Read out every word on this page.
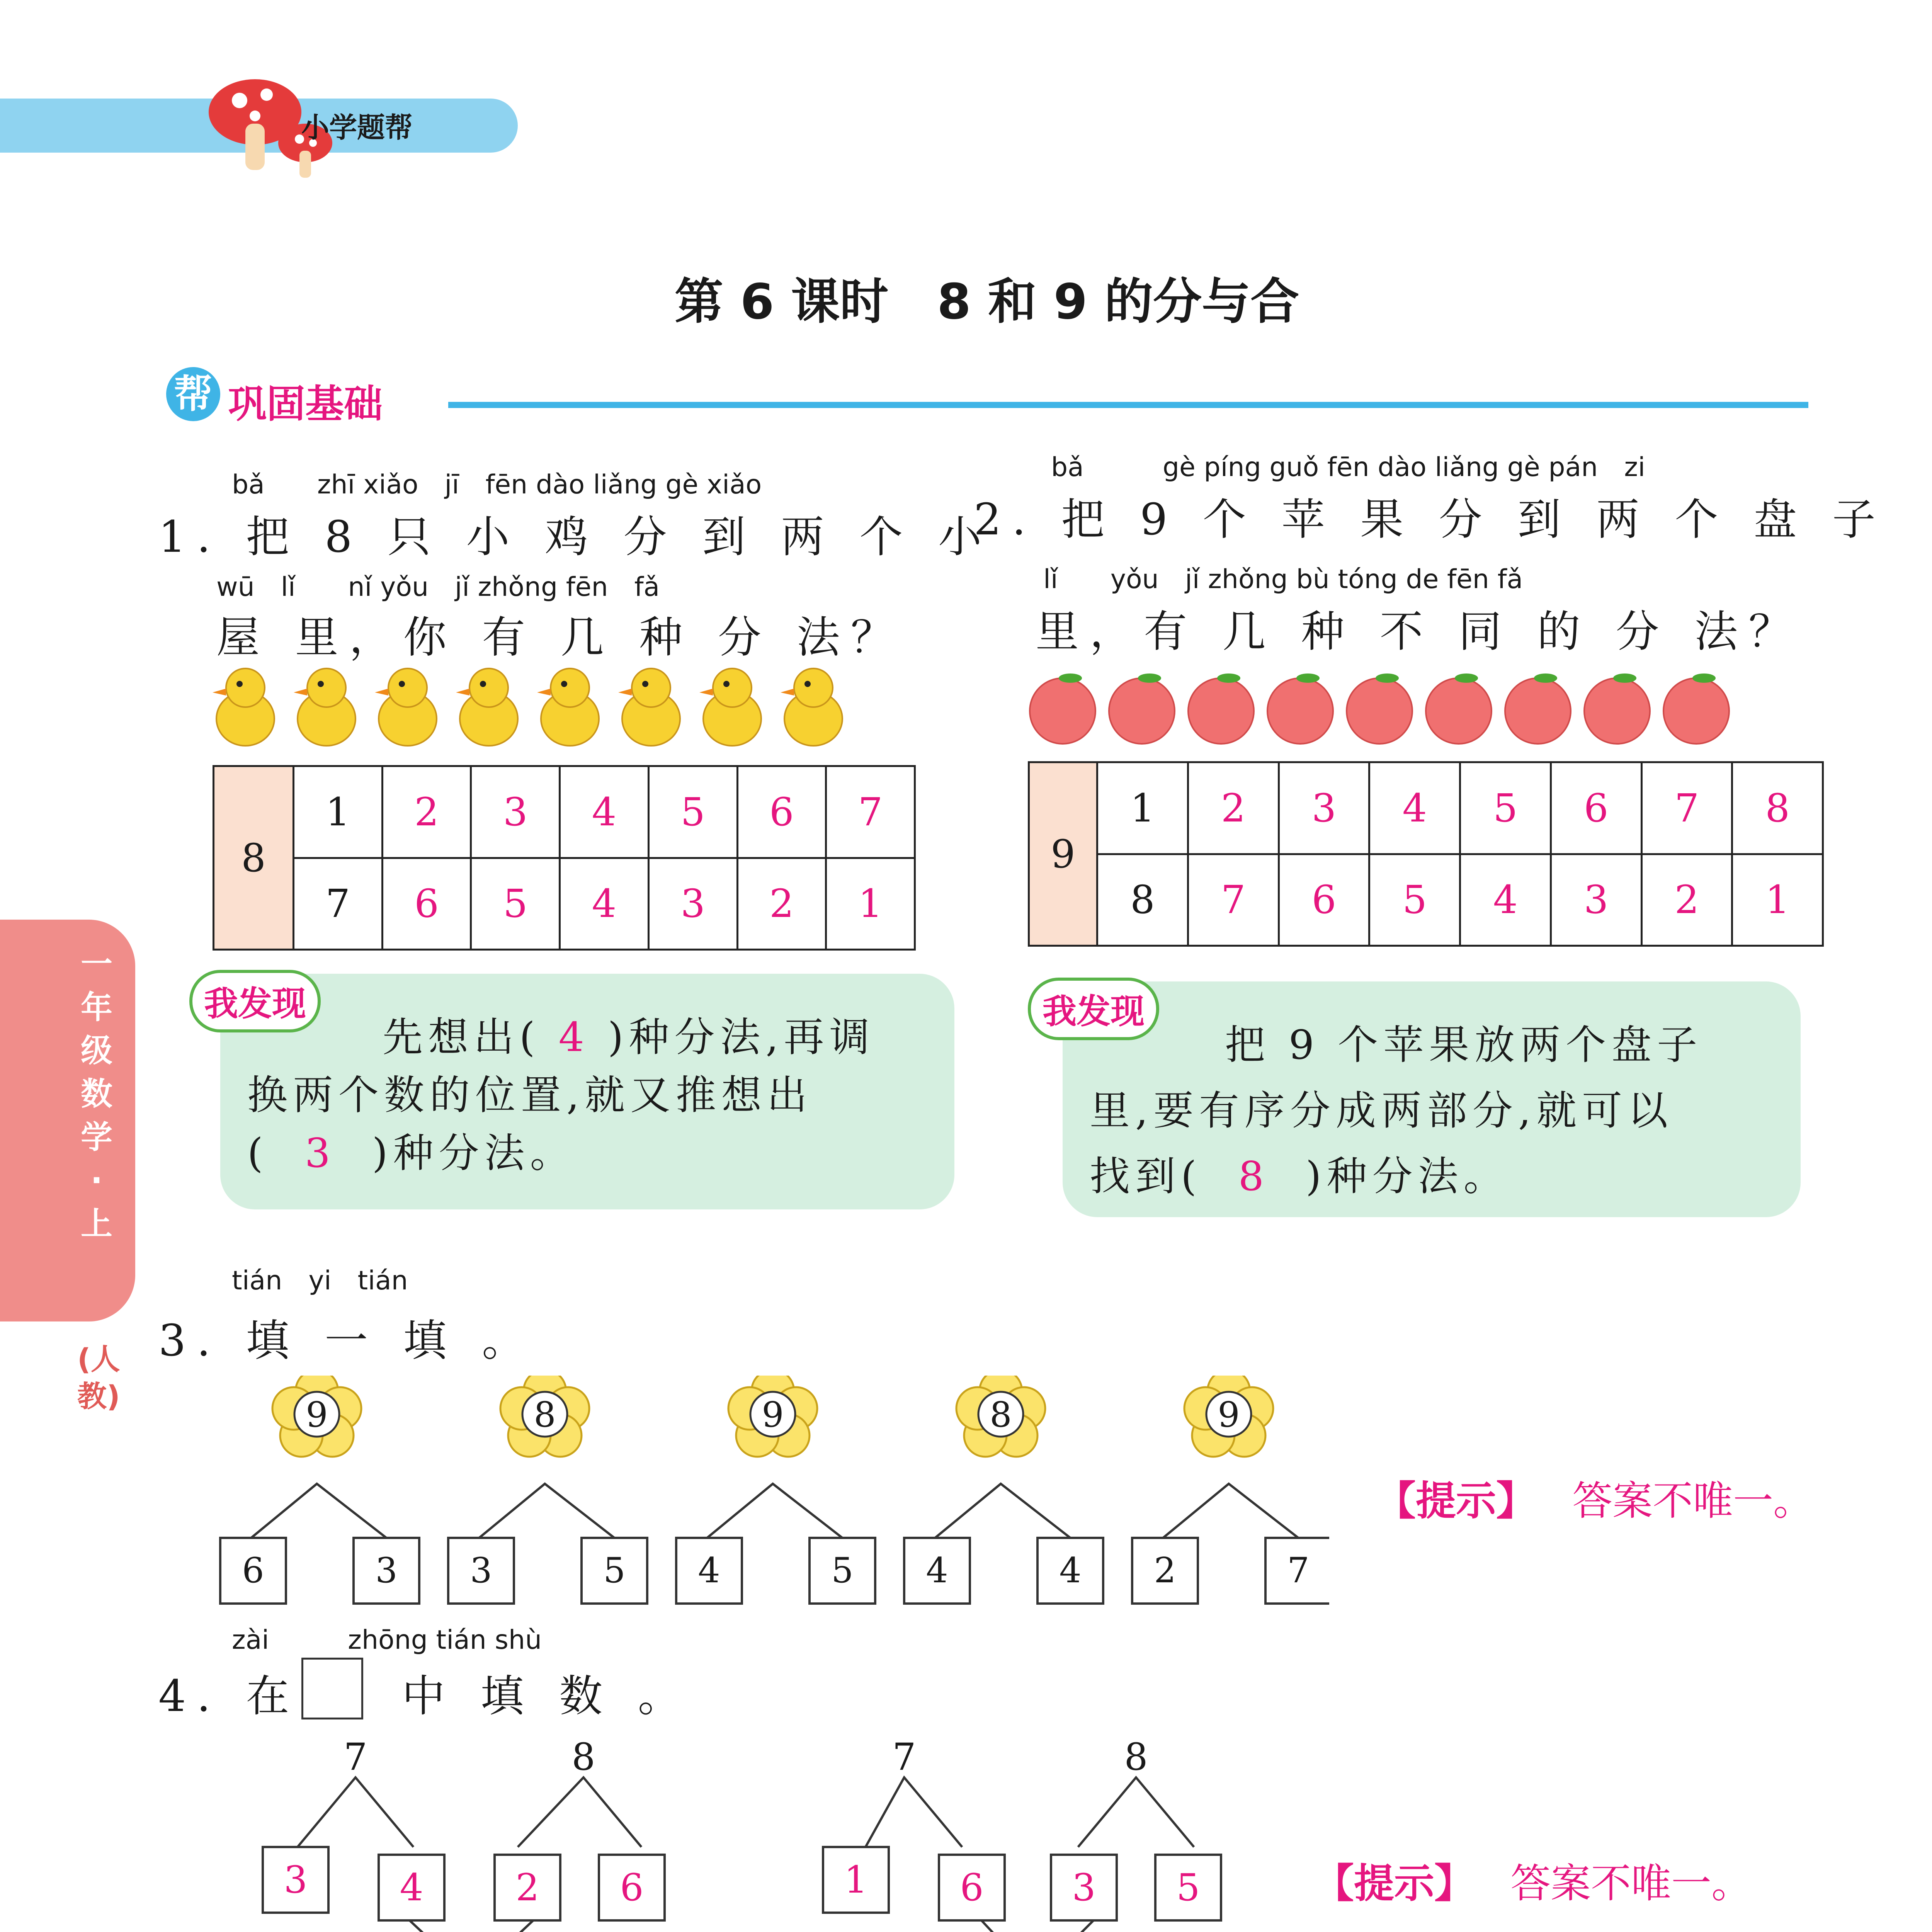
小学题帮
第 6 课时　8 和 9 的分与合
帮 巩固基础
一年级数学·上
(人教)
bǎ　　zhī xiǎo　jī　fēn dào liǎng gè xiǎo
1. 把 8 只 小 鸡 分 到 两 个 小
wū　lǐ　　nǐ yǒu　jǐ zhǒng fēn　fǎ
屋 里，你 有 几 种 分 法？
8	1	2	3	4	5	6	7
	7	6	5	4	3	2	1
我发现
先想出( 4 )种分法,再调
换两个数的位置,就又推想出
( 3 )种分法。
bǎ　　　gè píng guǒ fēn dào liǎng gè pán　zi
2. 把 9 个 苹 果 分 到 两 个 盘 子
lǐ　　yǒu　jǐ zhǒng bù tóng de fēn fǎ
里，有 几 种 不 同 的 分 法？
9	1	2	3	4	5	6	7	8
	8	7	6	5	4	3	2	1
我发现
把 9 个苹果放两个盘子
里,要有序分成两部分,就可以
找到( 8 )种分法。
tián　yi　tián
3. 填 一 填 。
9	8	9	8	9
6	3 3	5 4	5 4	4 2	7
【提示】 答案不唯一。
zài　　　zhōng tián shù
4. 在 中 填 数 。
7	8	7	8
3 4 2 6	1 6 3 5	【提示】 答案不唯一。
